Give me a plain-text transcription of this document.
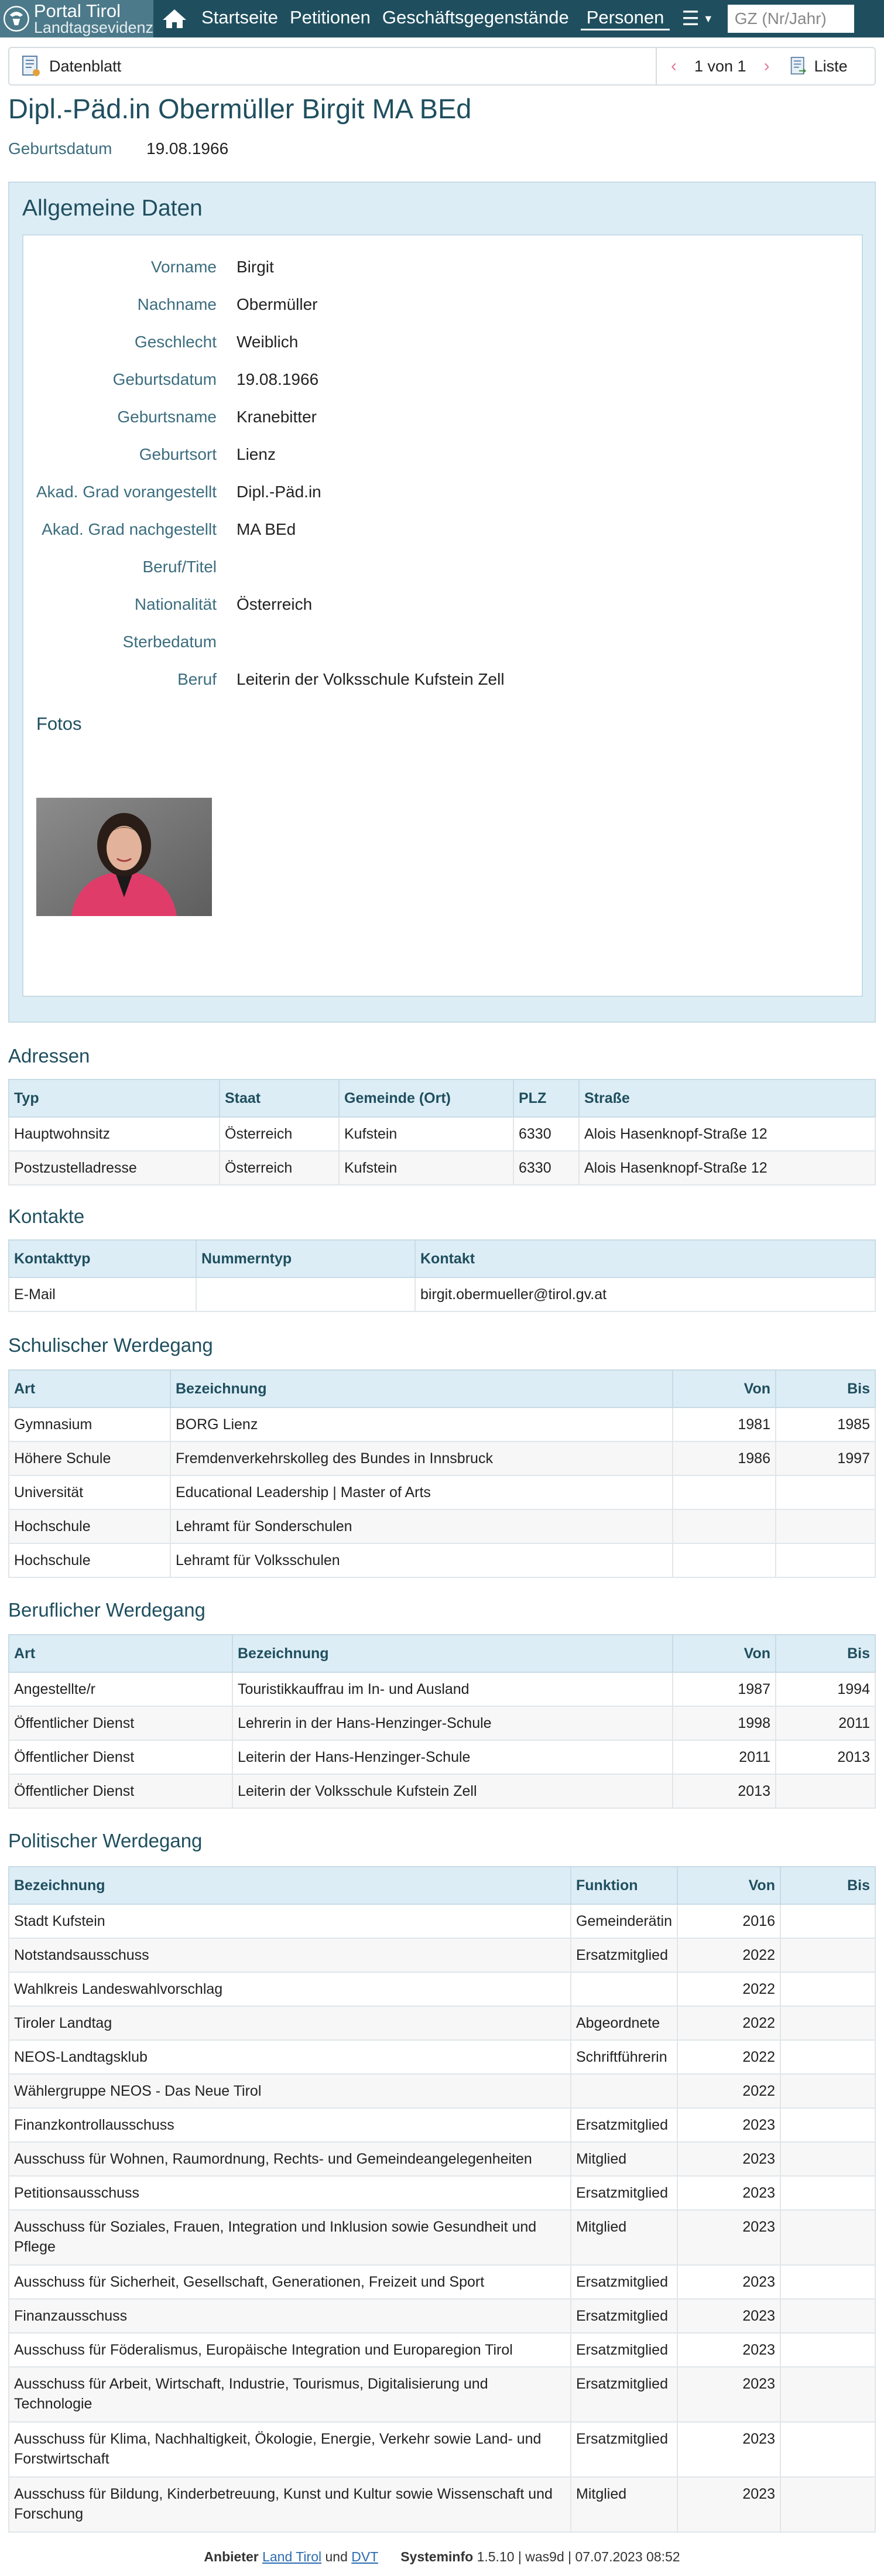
Portal Tirol
Landtagsevidenz	Startseite Petitionen Geschäftsgegenstände Personen ☰ ▼
GZ (Nr/Jahr)
Datenblatt	‹ 1 von 1 ›	Liste
Dipl.-Päd.in Obermüller Birgit MA BEd
Geburtsdatum	19.08.1966
Allgemeine Daten
Vorname Birgit
Nachname Obermüller
Geschlecht Weiblich
Geburtsdatum 19.08.1966
Geburtsname Kranebitter
Geburtsort Lienz
Akad. Grad vorangestellt Dipl.-Päd.in
Akad. Grad nachgestellt MA BEd
Beruf/Titel
Nationalität Österreich
Sterbedatum
Beruf Leiterin der Volksschule Kufstein Zell
Fotos
Adressen
Typ	Staat	Gemeinde (Ort)	PLZ	Straße
Hauptwohnsitz	Österreich	Kufstein	6330	Alois Hasenknopf-Straße 12
Postzustelladresse	Österreich	Kufstein	6330	Alois Hasenknopf-Straße 12
Kontakte
Kontakttyp	Nummerntyp	Kontakt
E-Mail		birgit.obermueller@tirol.gv.at
Schulischer Werdegang
Art	Bezeichnung	Von	Bis
Gymnasium	BORG Lienz	1981	1985
Höhere Schule	Fremdenverkehrskolleg des Bundes in Innsbruck	1986	1997
Universität	Educational Leadership | Master of Arts		
Hochschule	Lehramt für Sonderschulen		
Hochschule	Lehramt für Volksschulen		
Beruflicher Werdegang
Art	Bezeichnung	Von	Bis
Angestellte/r	Touristikkauffrau im In- und Ausland	1987	1994
Öffentlicher Dienst	Lehrerin in der Hans-Henzinger-Schule	1998	2011
Öffentlicher Dienst	Leiterin der Hans-Henzinger-Schule	2011	2013
Öffentlicher Dienst	Leiterin der Volksschule Kufstein Zell	2013	
Politischer Werdegang
Bezeichnung	Funktion	Von	Bis
Stadt Kufstein	Gemeinderätin	2016	
Notstandsausschuss	Ersatzmitglied	2022	
Wahlkreis Landeswahlvorschlag		2022	
Tiroler Landtag	Abgeordnete	2022	
NEOS-Landtagsklub	Schriftführerin	2022	
Wählergruppe NEOS - Das Neue Tirol		2022	
Finanzkontrollausschuss	Ersatzmitglied	2023	
Ausschuss für Wohnen, Raumordnung, Rechts- und Gemeindeangelegenheiten	Mitglied	2023	
Petitionsausschuss	Ersatzmitglied	2023	
Ausschuss für Soziales, Frauen, Integration und Inklusion sowie Gesundheit und Pflege	Mitglied	2023	
Ausschuss für Sicherheit, Gesellschaft, Generationen, Freizeit und Sport	Ersatzmitglied	2023	
Finanzausschuss	Ersatzmitglied	2023	
Ausschuss für Föderalismus, Europäische Integration und Europaregion Tirol	Ersatzmitglied	2023	
Ausschuss für Arbeit, Wirtschaft, Industrie, Tourismus, Digitalisierung und Technologie	Ersatzmitglied	2023	
Ausschuss für Klima, Nachhaltigkeit, Ökologie, Energie, Verkehr sowie Land- und Forstwirtschaft	Ersatzmitglied	2023	
Ausschuss für Bildung, Kinderbetreuung, Kunst und Kultur sowie Wissenschaft und Forschung	Mitglied	2023	
Anbieter Land Tirol und DVT Systeminfo 1.5.10 | was9d | 07.07.2023 08:52
